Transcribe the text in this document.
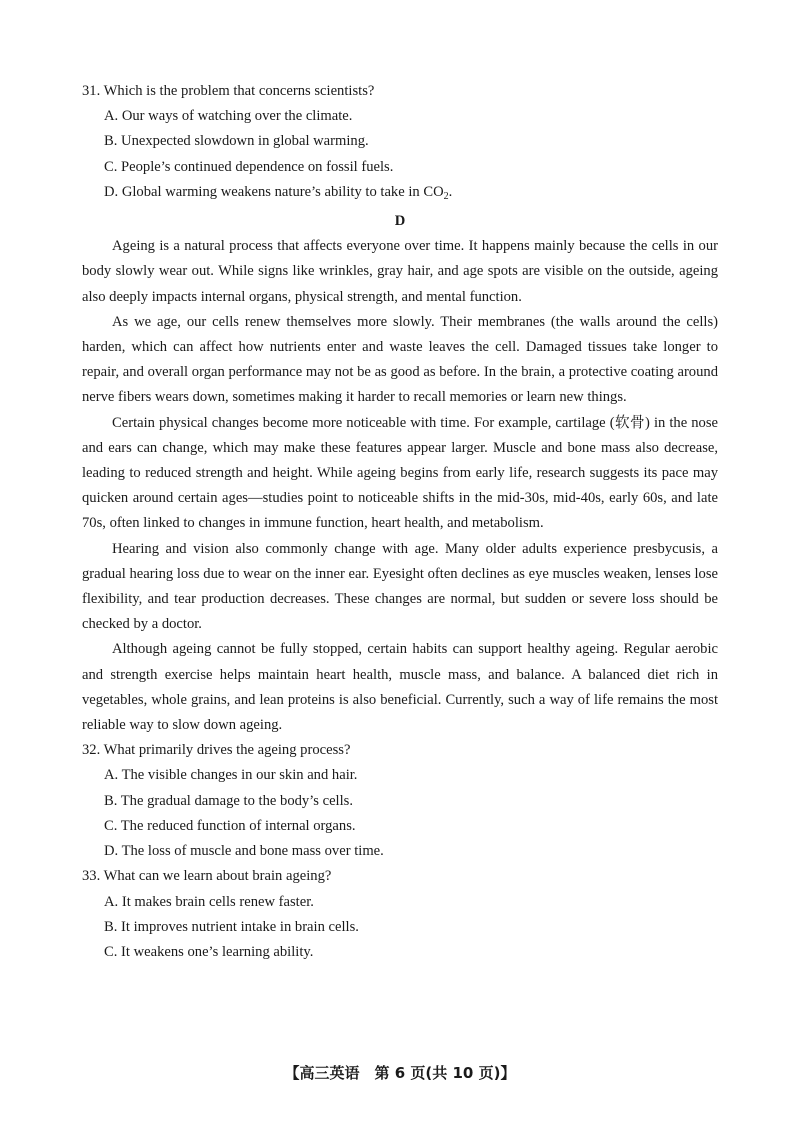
31. Which is the problem that concerns scientists?

A. Our ways of watching over the climate.

B. Unexpected slowdown in global warming.

C. People’s continued dependence on fossil fuels.

D. Global warming weakens nature’s ability to take in $CO_2$.

D

Ageing is a natural process that affects everyone over time. It happens mainly because the cells in our body slowly wear out. While signs like wrinkles, gray hair, and age spots are visible on the outside, ageing also deeply impacts internal organs, physical strength, and mental function.

As we age, our cells renew themselves more slowly. Their membranes (the walls around the cells) harden, which can affect how nutrients enter and waste leaves the cell. Damaged tissues take longer to repair, and overall organ performance may not be as good as before. In the brain, a protective coating around nerve fibers wears down, sometimes making it harder to recall memories or learn new things.

Certain physical changes become more noticeable with time. For example, cartilage (软骨) in the nose and ears can change, which may make these features appear larger. Muscle and bone mass also decrease, leading to reduced strength and height. While ageing begins from early life, research suggests its pace may quicken around certain ages—studies point to noticeable shifts in the mid-30s, mid-40s, early 60s, and late 70s, often linked to changes in immune function, heart health, and metabolism.

Hearing and vision also commonly change with age. Many older adults experience presbycusis, a gradual hearing loss due to wear on the inner ear. Eyesight often declines as eye muscles weaken, lenses lose flexibility, and tear production decreases. These changes are normal, but sudden or severe loss should be checked by a doctor.

Although ageing cannot be fully stopped, certain habits can support healthy ageing. Regular aerobic and strength exercise helps maintain heart health, muscle mass, and balance. A balanced diet rich in vegetables, whole grains, and lean proteins is also beneficial. Currently, such a way of life remains the most reliable way to slow down ageing.

32. What primarily drives the ageing process?

A. The visible changes in our skin and hair.

B. The gradual damage to the body’s cells.

C. The reduced function of internal organs.

D. The loss of muscle and bone mass over time.

33. What can we learn about brain ageing?

A. It makes brain cells renew faster.

B. It improves nutrient intake in brain cells.

C. It weakens one’s learning ability.

【高三英语　第 6 页(共 10 页)】
